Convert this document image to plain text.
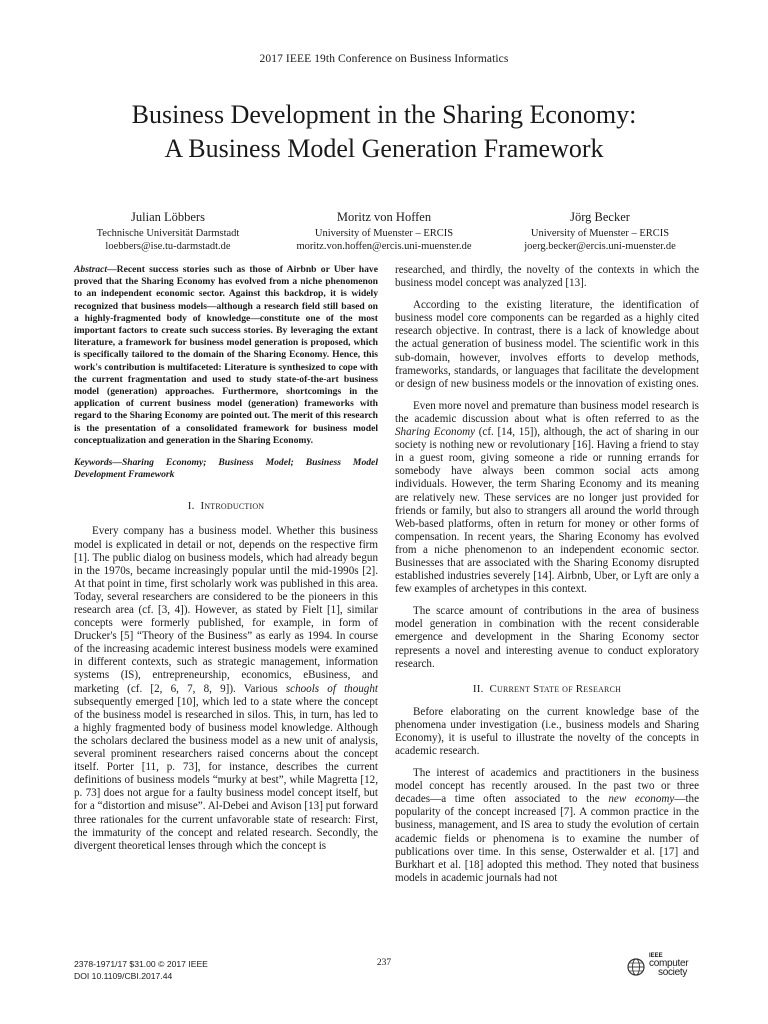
2017 IEEE 19th Conference on Business Informatics
Business Development in the Sharing Economy:
A Business Model Generation Framework
Julian Löbbers
Technische Universität Darmstadt
loebbers@ise.tu-darmstadt.de
Moritz von Hoffen
University of Muenster – ERCIS
moritz.von.hoffen@ercis.uni-muenster.de
Jörg Becker
University of Muenster – ERCIS
joerg.becker@ercis.uni-muenster.de
Abstract—Recent success stories such as those of Airbnb or Uber have proved that the Sharing Economy has evolved from a niche phenomenon to an independent economic sector. Against this backdrop, it is widely recognized that business models—although a research field still based on a highly-fragmented body of knowledge—constitute one of the most important factors to create such success stories. By leveraging the extant literature, a framework for business model generation is proposed, which is specifically tailored to the domain of the Sharing Economy. Hence, this work's contribution is multifaceted: Literature is synthesized to cope with the current fragmentation and used to study state-of-the-art business model (generation) approaches. Furthermore, shortcomings in the application of current business model (generation) frameworks with regard to the Sharing Economy are pointed out. The merit of this research is the presentation of a consolidated framework for business model conceptualization and generation in the Sharing Economy.
Keywords—Sharing Economy; Business Model; Business Model Development Framework
I. Introduction

Every company has a business model. Whether this business model is explicated in detail or not, depends on the respective firm [1]. The public dialog on business models, which had already begun in the 1970s, became increasingly popular until the mid-1990s [2]. At that point in time, first scholarly work was published in this area. Today, several researchers are considered to be the pioneers in this research area (cf. [3, 4]). However, as stated by Fielt [1], similar concepts were formerly published, for example, in form of Drucker's [5] “Theory of the Business” as early as 1994. In course of the increasing academic interest business models were examined in different contexts, such as strategic management, information systems (IS), entrepreneurship, economics, eBusiness, and marketing (cf. [2, 6, 7, 8, 9]). Various schools of thought subsequently emerged [10], which led to a state where the concept of the business model is researched in silos. This, in turn, has led to a highly fragmented body of business model knowledge. Although the scholars declared the business model as a new unit of analysis, several prominent researchers raised concerns about the concept itself. Porter [11, p. 73], for instance, describes the current definitions of business models “murky at best”, while Magretta [12, p. 73] does not argue for a faulty business model concept itself, but for a “distortion and misuse”. Al-Debei and Avison [13] put forward three rationales for the current unfavorable state of research: First, the immaturity of the concept and related research. Secondly, the divergent theoretical lenses through which the concept is

researched, and thirdly, the novelty of the contexts in which the business model concept was analyzed [13].

According to the existing literature, the identification of business model core components can be regarded as a highly cited research objective. In contrast, there is a lack of knowledge about the actual generation of business model. The scientific work in this sub-domain, however, involves efforts to develop methods, frameworks, standards, or languages that facilitate the development or design of new business models or the innovation of existing ones.

Even more novel and premature than business model research is the academic discussion about what is often referred to as the Sharing Economy (cf. [14, 15]), although, the act of sharing in our society is nothing new or revolutionary [16]. Having a friend to stay in a guest room, giving someone a ride or running errands for somebody have always been common social acts among individuals. However, the term Sharing Economy and its meaning are relatively new. These services are no longer just provided for friends or family, but also to strangers all around the world through Web-based platforms, often in return for money or other forms of compensation. In recent years, the Sharing Economy has evolved from a niche phenomenon to an independent economic sector. Businesses that are associated with the Sharing Economy disrupted established industries severely [14]. Airbnb, Uber, or Lyft are only a few examples of archetypes in this context.

The scarce amount of contributions in the area of business model generation in combination with the recent considerable emergence and development in the Sharing Economy sector represents a novel and interesting avenue to conduct exploratory research.

II. Current State of Research

Before elaborating on the current knowledge base of the phenomena under investigation (i.e., business models and Sharing Economy), it is useful to illustrate the novelty of the concepts in academic research.

The interest of academics and practitioners in the business model concept has recently aroused. In the past two or three decades—a time often associated to the new economy—the popularity of the concept increased [7]. A common practice in the business, management, and IS area to study the evolution of certain academic fields or phenomena is to examine the number of publications over time. In this sense, Osterwalder et al. [17] and Burkhart et al. [18] adopted this method. They noted that business models in academic journals had not

2378-1971/17 $31.00 © 2017 IEEE
DOI 10.1109/CBI.2017.44
237
IEEE
computer
society
